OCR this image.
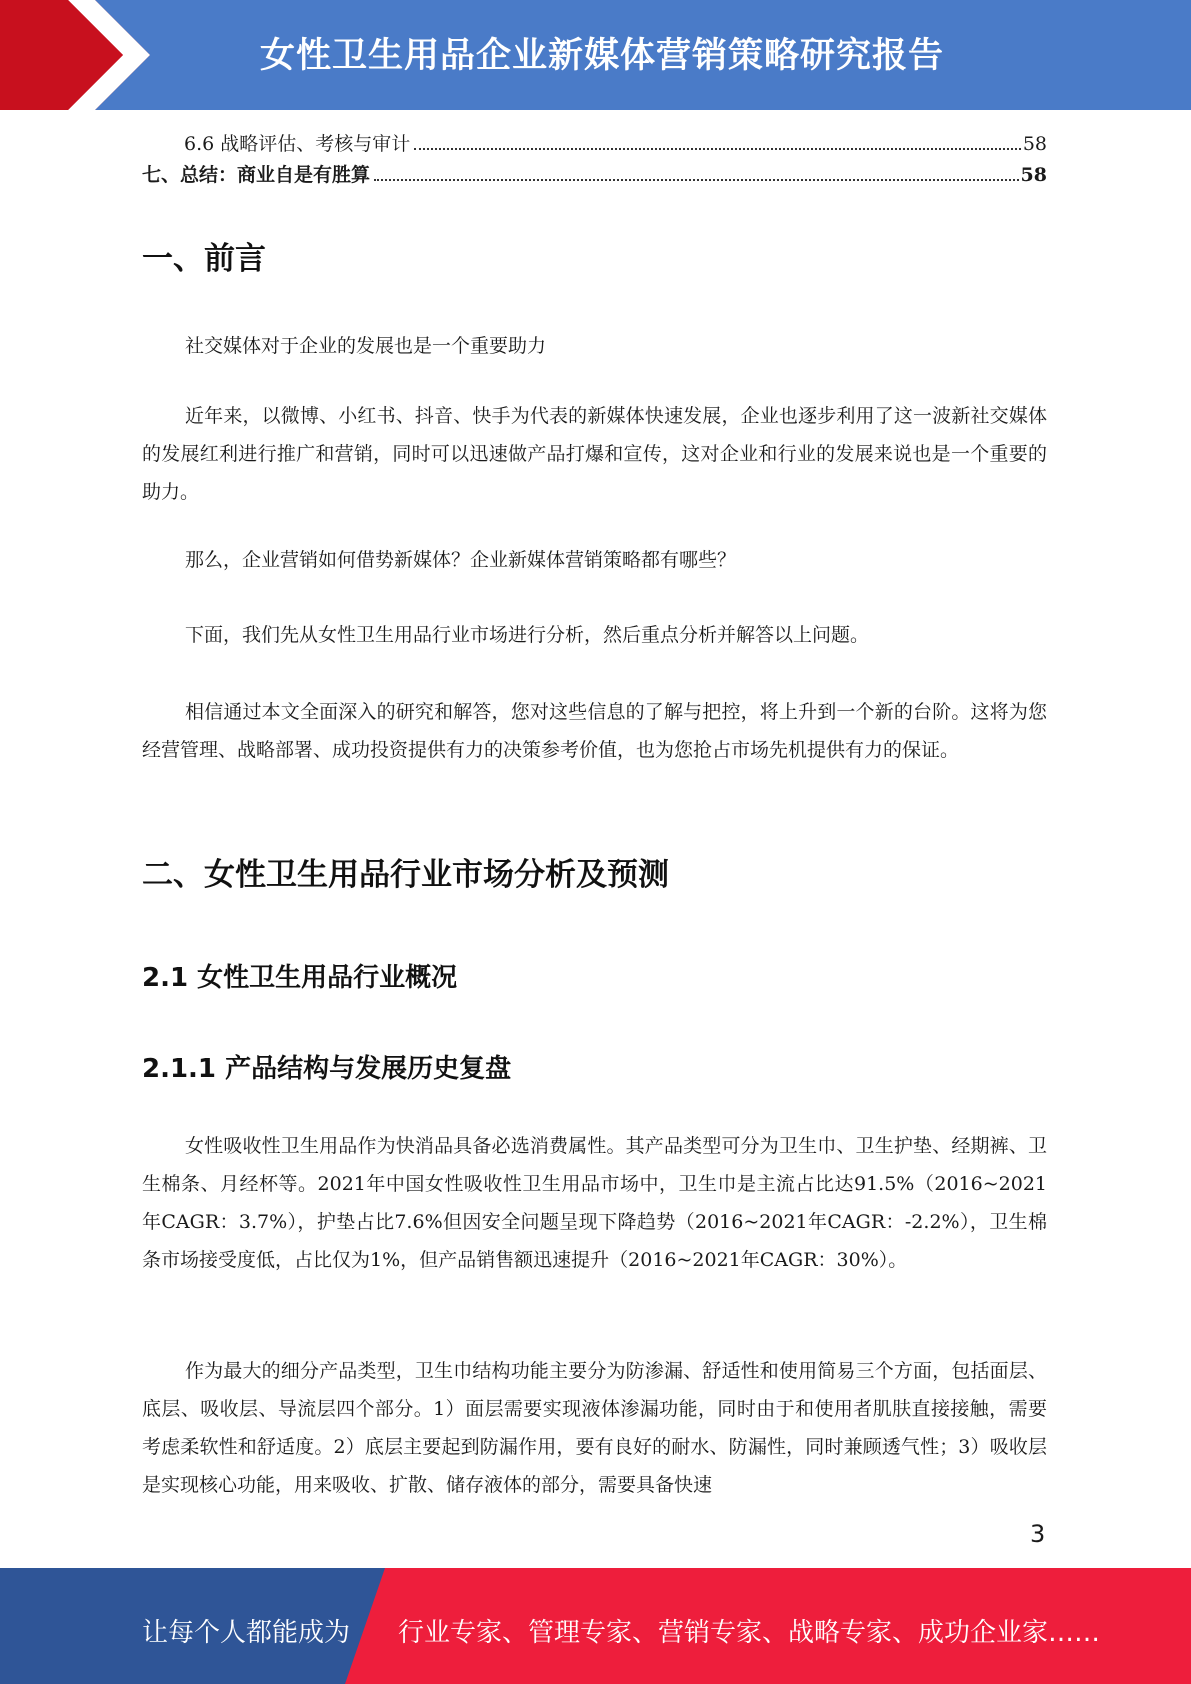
女性卫生用品企业新媒体营销策略研究报告
6.6 战略评估、考核与审计	58
七、总结：商业自是有胜算	58
一、前言

社交媒体对于企业的发展也是一个重要助力

近年来，以微博、小红书、抖音、快手为代表的新媒体快速发展，企业也逐步利用了这一波新社交媒体的发展红利进行推广和营销，同时可以迅速做产品打爆和宣传，这对企业和行业的发展来说也是一个重要的助力。

那么，企业营销如何借势新媒体？企业新媒体营销策略都有哪些？

下面，我们先从女性卫生用品行业市场进行分析，然后重点分析并解答以上问题。

相信通过本文全面深入的研究和解答，您对这些信息的了解与把控，将上升到一个新的台阶。这将为您经营管理、战略部署、成功投资提供有力的决策参考价值，也为您抢占市场先机提供有力的保证。

二、女性卫生用品行业市场分析及预测
2.1 女性卫生用品行业概况
2.1.1 产品结构与发展历史复盘

女性吸收性卫生用品作为快消品具备必选消费属性。其产品类型可分为卫生巾、卫生护垫、经期裤、卫生棉条、月经杯等。2021年中国女性吸收性卫生用品市场中，卫生巾是主流占比达91.5%（2016~2021年CAGR：3.7%），护垫占比7.6%但因安全问题呈现下降趋势（2016~2021年CAGR：-2.2%），卫生棉条市场接受度低，占比仅为1%，但产品销售额迅速提升（2016~2021年CAGR：30%）。

作为最大的细分产品类型，卫生巾结构功能主要分为防渗漏、舒适性和使用简易三个方面，包括面层、底层、吸收层、导流层四个部分。1）面层需要实现液体渗漏功能，同时由于和使用者肌肤直接接触，需要考虑柔软性和舒适度。2）底层主要起到防漏作用，要有良好的耐水、防漏性，同时兼顾透气性；3）吸收层是实现核心功能，用来吸收、扩散、储存液体的部分，需要具备快速

3
让每个人都能成为 行业专家、管理专家、营销专家、战略专家、成功企业家……
